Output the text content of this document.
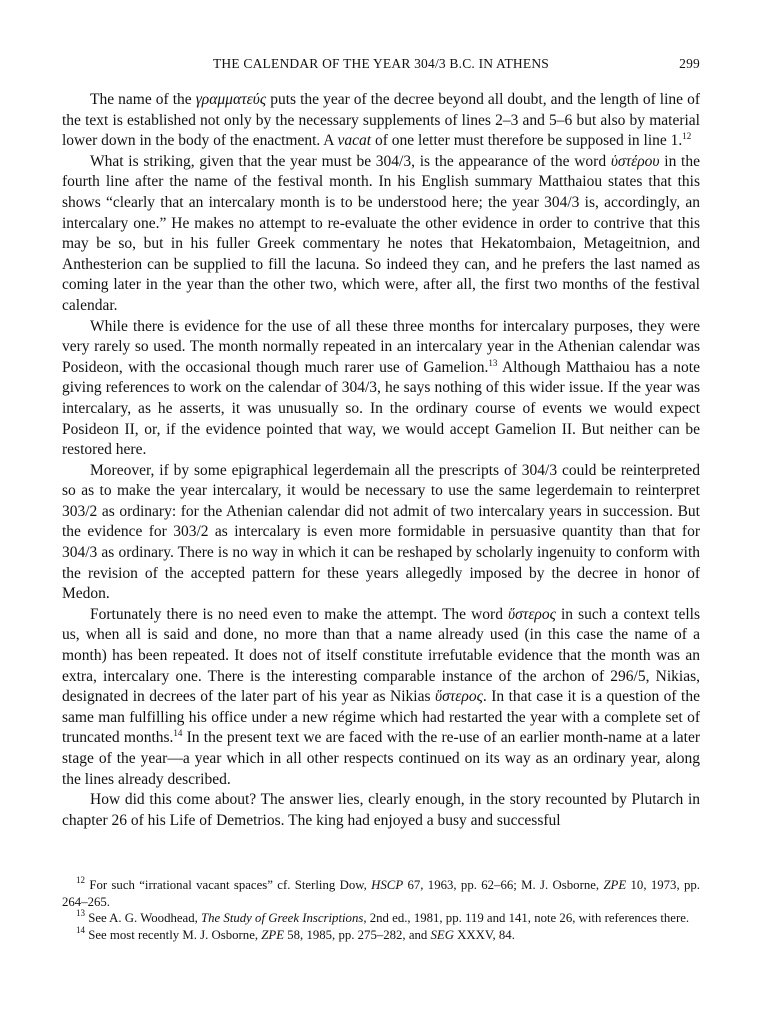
THE CALENDAR OF THE YEAR 304/3 B.C. IN ATHENS	299

The name of the γραμματεύς puts the year of the decree beyond all doubt, and the length of line of the text is established not only by the necessary supplements of lines 2–3 and 5–6 but also by material lower down in the body of the enactment. A vacat of one letter must therefore be supposed in line 1.12

What is striking, given that the year must be 304/3, is the appearance of the word ὑστέρου in the fourth line after the name of the festival month. In his English summary Matthaiou states that this shows “clearly that an intercalary month is to be understood here; the year 304/3 is, accordingly, an intercalary one.” He makes no attempt to re-evaluate the other evidence in order to contrive that this may be so, but in his fuller Greek commentary he notes that Hekatombaion, Metageitnion, and Anthesterion can be supplied to fill the lacuna. So indeed they can, and he prefers the last named as coming later in the year than the other two, which were, after all, the first two months of the festival calendar.

While there is evidence for the use of all these three months for intercalary purposes, they were very rarely so used. The month normally repeated in an intercalary year in the Athenian calendar was Posideon, with the occasional though much rarer use of Gamelion.$^{13}$ Although Matthaiou has a note giving references to work on the calendar of 304/3, he says nothing of this wider issue. If the year was intercalary, as he asserts, it was unusually so. In the ordinary course of events we would expect Posideon II, or, if the evidence pointed that way, we would accept Gamelion II. But neither can be restored here.

Moreover, if by some epigraphical legerdemain all the prescripts of 304/3 could be reinterpreted so as to make the year intercalary, it would be necessary to use the same legerdemain to reinterpret 303/2 as ordinary: for the Athenian calendar did not admit of two intercalary years in succession. But the evidence for 303/2 as intercalary is even more formidable in persuasive quantity than that for 304/3 as ordinary. There is no way in which it can be reshaped by scholarly ingenuity to conform with the revision of the accepted pattern for these years allegedly imposed by the decree in honor of Medon.

Fortunately there is no need even to make the attempt. The word ὕστερος in such a context tells us, when all is said and done, no more than that a name already used (in this case the name of a month) has been repeated. It does not of itself constitute irrefutable evidence that the month was an extra, intercalary one. There is the interesting comparable instance of the archon of 296/5, Nikias, designated in decrees of the later part of his year as Nikias ὕστερος. In that case it is a question of the same man fulfilling his office under a new régime which had restarted the year with a complete set of truncated months.$^{14}$ In the present text we are faced with the re-use of an earlier month-name at a later stage of the year—a year which in all other respects continued on its way as an ordinary year, along the lines already described.

How did this come about? The answer lies, clearly enough, in the story recounted by Plutarch in chapter 26 of his Life of Demetrios. The king had enjoyed a busy and successful

$^{12}$ For such “irrational vacant spaces” cf. Sterling Dow, HSCP 67, 1963, pp. 62–66; M. J. Osborne, ZPE 10, 1973, pp. 264–265.

$^{13}$ See A. G. Woodhead, The Study of Greek Inscriptions, 2nd ed., 1981, pp. 119 and 141, note 26, with references there.

$^{14}$ See most recently M. J. Osborne, ZPE 58, 1985, pp. 275–282, and SEG XXXV, 84.
